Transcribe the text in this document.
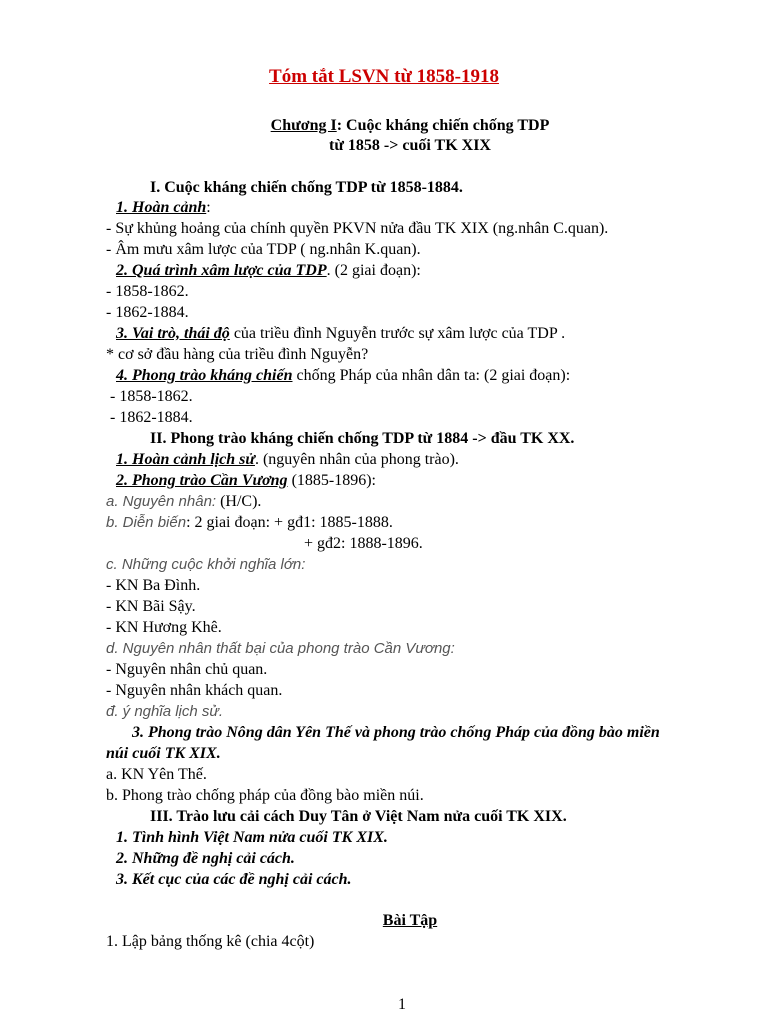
Tóm tắt LSVN từ 1858-1918
Chương I: Cuộc kháng chiến chống TDP
từ 1858 -> cuối TK XIX
I. Cuộc kháng chiến chống TDP từ 1858-1884.
1. Hoàn cảnh:
- Sự khủng hoảng của chính quyền PKVN nửa đầu TK XIX (ng.nhân C.quan).
- Âm mưu xâm lược của TDP ( ng.nhân K.quan).
2. Quá trình xâm lược của TDP. (2 giai đoạn):
- 1858-1862.
- 1862-1884.
3. Vai trò, thái độ của triều đình Nguyễn trước sự xâm lược của TDP .
* cơ sở đầu hàng của triều đình Nguyễn?
4. Phong trào kháng chiến chống Pháp của nhân dân ta: (2 giai đoạn):
- 1858-1862.
- 1862-1884.
II. Phong trào kháng chiến chống TDP từ 1884 -> đầu TK XX.
1. Hoàn cảnh lịch sử. (nguyên nhân của phong trào).
2. Phong trào Cần Vương (1885-1896):
a. Nguyên nhân: (H/C).
b. Diễn biến: 2 giai đoạn: + gđ1: 1885-1888.
+ gđ2: 1888-1896.
c. Những cuộc khởi nghĩa lớn:
- KN Ba Đình.
- KN Bãi Sậy.
- KN Hương Khê.
d. Nguyên nhân thất bại của phong trào Cần Vương:
- Nguyên nhân chủ quan.
- Nguyên nhân khách quan.
đ. ý nghĩa lịch sử.
3. Phong trào Nông dân Yên Thế và phong trào chống Pháp của đồng bào miền
núi cuối TK XIX.
a. KN Yên Thế.
b. Phong trào chống pháp của đồng bào miền núi.
III. Trào lưu cải cách Duy Tân ở Việt Nam nửa cuối TK XIX.
1. Tình hình Việt Nam nửa cuối TK XIX.
2. Những đề nghị cải cách.
3. Kết cục của các đề nghị cải cách.
Bài Tập
1. Lập bảng thống kê (chia 4cột)
1
